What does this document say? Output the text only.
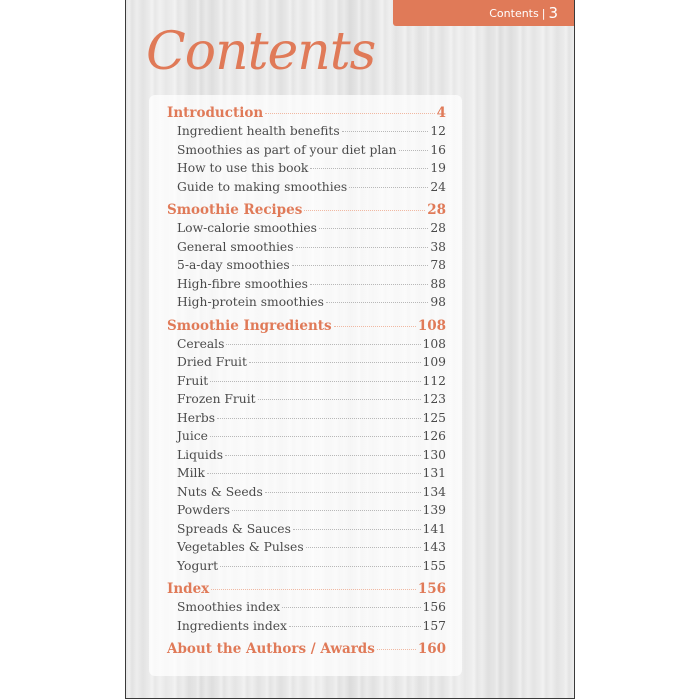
Contents | 3
Contents
Introduction	4
Ingredient health benefits	12
Smoothies as part of your diet plan	16
How to use this book	19
Guide to making smoothies	24
Smoothie Recipes	28
Low-calorie smoothies	28
General smoothies	38
5-a-day smoothies	78
High-fibre smoothies	88
High-protein smoothies	98
Smoothie Ingredients	108
Cereals	108
Dried Fruit	109
Fruit	112
Frozen Fruit	123
Herbs	125
Juice	126
Liquids	130
Milk	131
Nuts & Seeds	134
Powders	139
Spreads & Sauces	141
Vegetables & Pulses	143
Yogurt	155
Index	156
Smoothies index	156
Ingredients index	157
About the Authors / Awards	160
